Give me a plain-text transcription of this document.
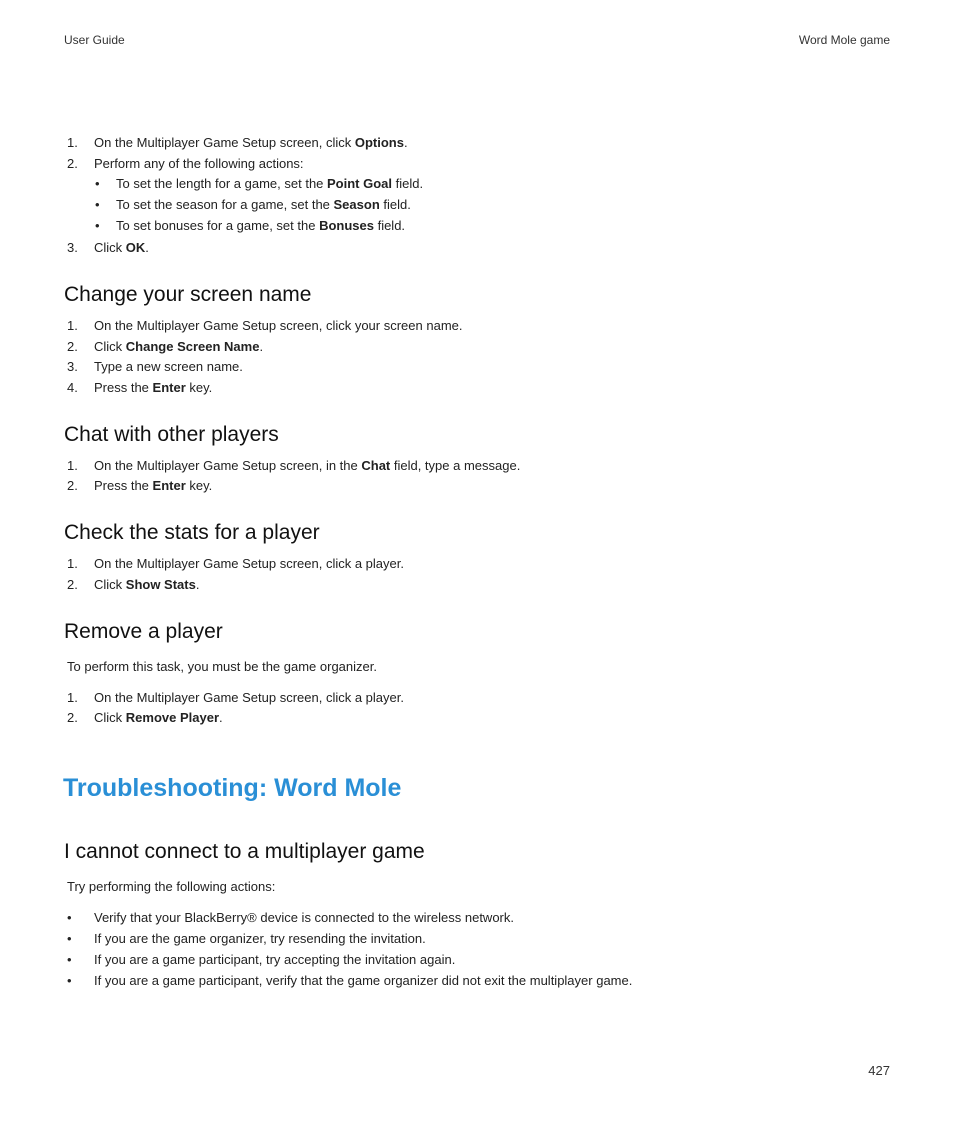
User Guide	Word Mole game
1. On the Multiplayer Game Setup screen, click Options.
2. Perform any of the following actions:
• To set the length for a game, set the Point Goal field.
• To set the season for a game, set the Season field.
• To set bonuses for a game, set the Bonuses field.
3. Click OK.
Change your screen name
1. On the Multiplayer Game Setup screen, click your screen name.
2. Click Change Screen Name.
3. Type a new screen name.
4. Press the Enter key.
Chat with other players
1. On the Multiplayer Game Setup screen, in the Chat field, type a message.
2. Press the Enter key.
Check the stats for a player
1. On the Multiplayer Game Setup screen, click a player.
2. Click Show Stats.
Remove a player
To perform this task, you must be the game organizer.
1. On the Multiplayer Game Setup screen, click a player.
2. Click Remove Player.
Troubleshooting: Word Mole
I cannot connect to a multiplayer game
Try performing the following actions:
• Verify that your BlackBerry® device is connected to the wireless network.
• If you are the game organizer, try resending the invitation.
• If you are a game participant, try accepting the invitation again.
• If you are a game participant, verify that the game organizer did not exit the multiplayer game.
427
